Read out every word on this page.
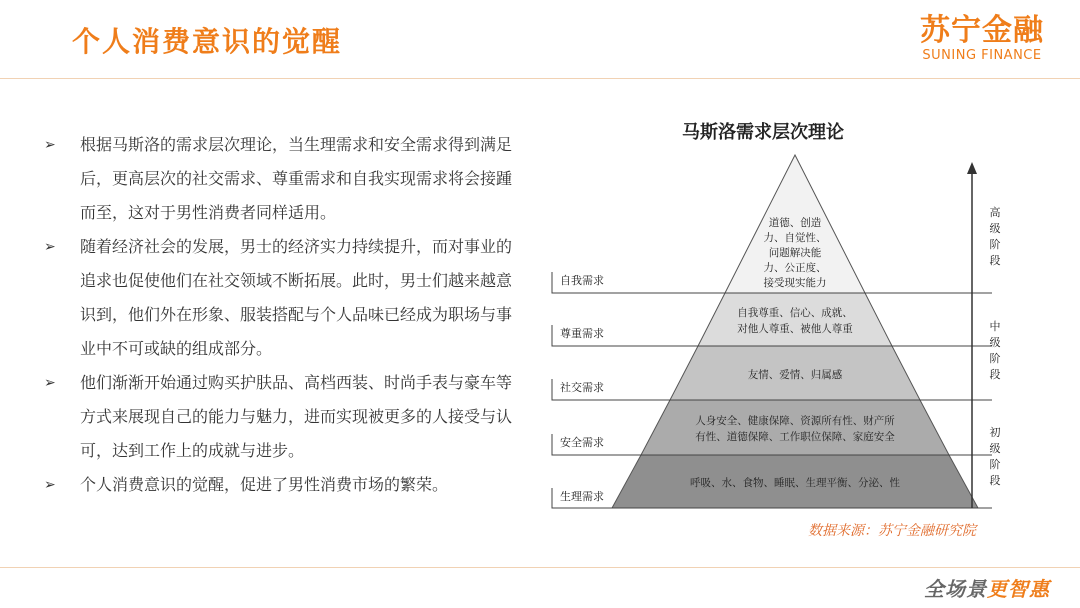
个人消费意识的觉醒	苏宁金融
SUNING FINANCE
➢ 根据马斯洛的需求层次理论，当生理需求和安全需求得到满足后，更高层次的社交需求、尊重需求和自我实现需求将会接踵而至，这对于男性消费者同样适用。
➢ 随着经济社会的发展，男士的经济实力持续提升，而对事业的追求也促使他们在社交领域不断拓展。此时，男士们越来越意识到，他们外在形象、服装搭配与个人品味已经成为职场与事业中不可或缺的组成部分。
➢ 他们渐渐开始通过购买护肤品、高档西装、时尚手表与豪车等方式来展现自己的能力与魅力，进而实现被更多的人接受与认可，达到工作上的成就与进步。
➢ 个人消费意识的觉醒，促进了男性消费市场的繁荣。
马斯洛需求层次理论
自我需求
尊重需求
社交需求
安全需求
生理需求
道德、创造
力、自觉性、
问题解决能
力、公正度、
接受现实能力
自我尊重、信心、成就、
对他人尊重、被他人尊重
友情、爱情、归属感
人身安全、健康保障、资源所有性、财产所
有性、道德保障、工作职位保障、家庭安全
呼吸、水、食物、睡眠、生理平衡、分泌、性
高
级
阶
段
中
级
阶
段
初
级
阶
段
数据来源：苏宁金融研究院
全场景更智惠
